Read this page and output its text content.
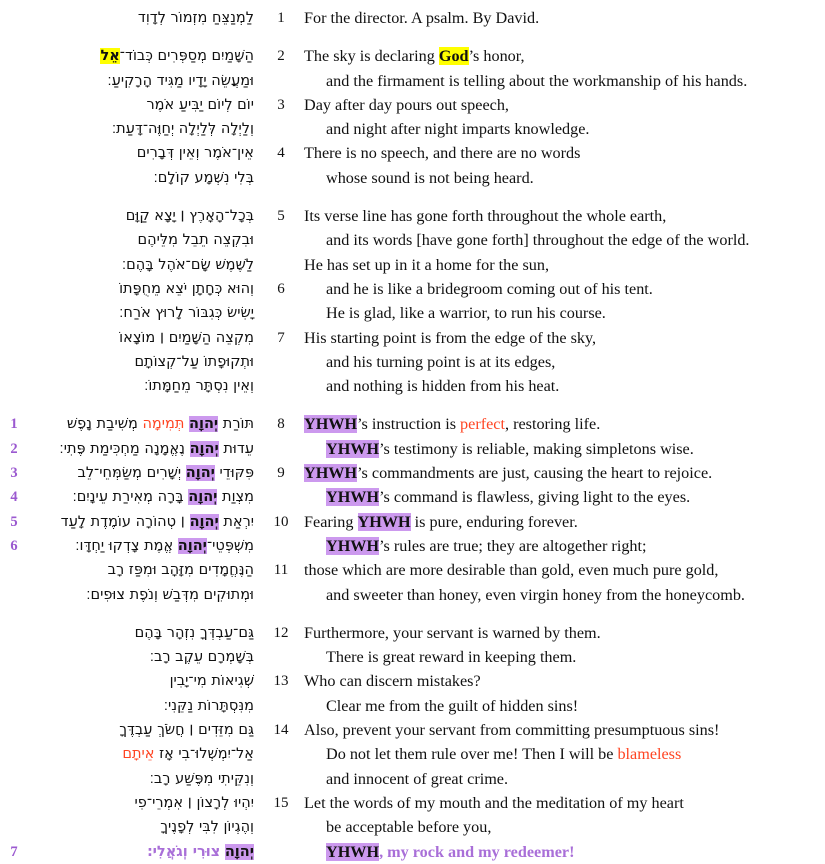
לַמְנַצֵּחַ מִזְמוֹר לְדָוִד	1	For the director. A psalm. By David.

הַשָּׁמַיִם מְסַפְּרִים כְּבוֹד־אֵל
וּמַעֲשֵׂה יָדָיו מַגִּיד הָרָקִיעַ׃
יוֹם לְיוֹם יַבִּיעַ אֹמֶר
וְלַיְלָה לְּלַיְלָה יְחַוֶּה־דָּעַת׃
אֵין־אֹמֶר וְאֵין דְּבָרִים
בְּלִי נִשְׁמָע קוֹלָם׃
2

3

4

The sky is declaring God’s honor,
and the firmament is telling about the workmanship of his hands.
Day after day pours out speech,
and night after night imparts knowledge.
There is no speech, and there are no words
whose sound is not being heard.

בְּכָל־הָאָרֶץ ׀ יָצָא קַוָּם
וּבִקְצֵה תֵבֵל מִלֵּיהֶם
לַשֶּׁמֶשׁ שָׂם־אֹהֶל בָּהֶם׃
וְהוּא כְּחָתָן יֹצֵא מֵחֻפָּתוֹ
יָשִׂישׂ כְּגִבּוֹר לָרוּץ אֹרַח׃
מִקְצֵה הַשָּׁמַיִם ׀ מוֹצָאוֹ
וּתְקוּפָתוֹ עַל־קְצוֹתָם
וְאֵין נִסְתָּר מֵחַמָּתוֹ׃
5

6

7

Its verse line has gone forth throughout the whole earth,
and its words [have gone forth] throughout the edge of the world.
He has set up in it a home for the sun,
and he is like a bridegroom coming out of his tent.
He is glad, like a warrior, to run his course.
His starting point is from the edge of the sky,
and his turning point is at its edges,
and nothing is hidden from his heat.
1
2
3
4
5
6

תּוֹרַת יְהוָה תְּמִימָה מְשִׁיבַת נָפֶשׁ
עֵדוּת יְהוָה נֶאֱמָנָה מַחְכִּימַת פֶּתִי׃
פִּקּוּדֵי יְהוָה יְשָׁרִים מְשַׂמְּחֵי־לֵב
מִצְוַת יְהוָה בָּרָה מְאִירַת עֵינָיִם׃
יִרְאַת יְהוָה ׀ טְהוֹרָה עוֹמֶדֶת לָעַד
מִשְׁפְּטֵי־יְהוָה אֱמֶת צָדְקוּ יַחְדָּו׃
הַנֶּחֱמָדִים מִזָּהָב וּמִפַּז רָב
וּמְתוּקִים מִדְּבַשׁ וְנֹפֶת צוּפִים׃
8

9

10

11

YHWH’s instruction is perfect, restoring life.
YHWH’s testimony is reliable, making simpletons wise.
YHWH’s commandments are just, causing the heart to rejoice.
YHWH’s command is flawless, giving light to the eyes.
Fearing YHWH is pure, enduring forever.
YHWH’s rules are true; they are altogether right;
those which are more desirable than gold, even much pure gold,
and sweeter than honey, even virgin honey from the honeycomb.

7
גַּם־עַבְדְּךָ נִזְהָר בָּהֶם
בְּשָׁמְרָם עֵקֶב רָב׃
שְׁגִיאוֹת מִי־יָבִין
מִנִּסְתָּרוֹת נַקֵּנִי׃
גַּם מִזֵּדִים ׀ חֲשֹׂךְ עַבְדֶּךָ
אַל־יִמְשְׁלוּ־בִי אָז אֵיתָם
וְנִקֵּיתִי מִפֶּשַׁע רָב׃
יִהְיוּ לְרָצוֹן ׀ אִמְרֵי־פִי
וְהֶגְיוֹן לִבִּי לְפָנֶיךָ
יְהוָה צוּרִי וְגֹאֲלִי׃
12

13

14

15

Furthermore, your servant is warned by them.
There is great reward in keeping them.
Who can discern mistakes?
Clear me from the guilt of hidden sins!
Also, prevent your servant from committing presumptuous sins!
Do not let them rule over me! Then I will be blameless
and innocent of great crime.
Let the words of my mouth and the meditation of my heart
be acceptable before you,
YHWH, my rock and my redeemer!
